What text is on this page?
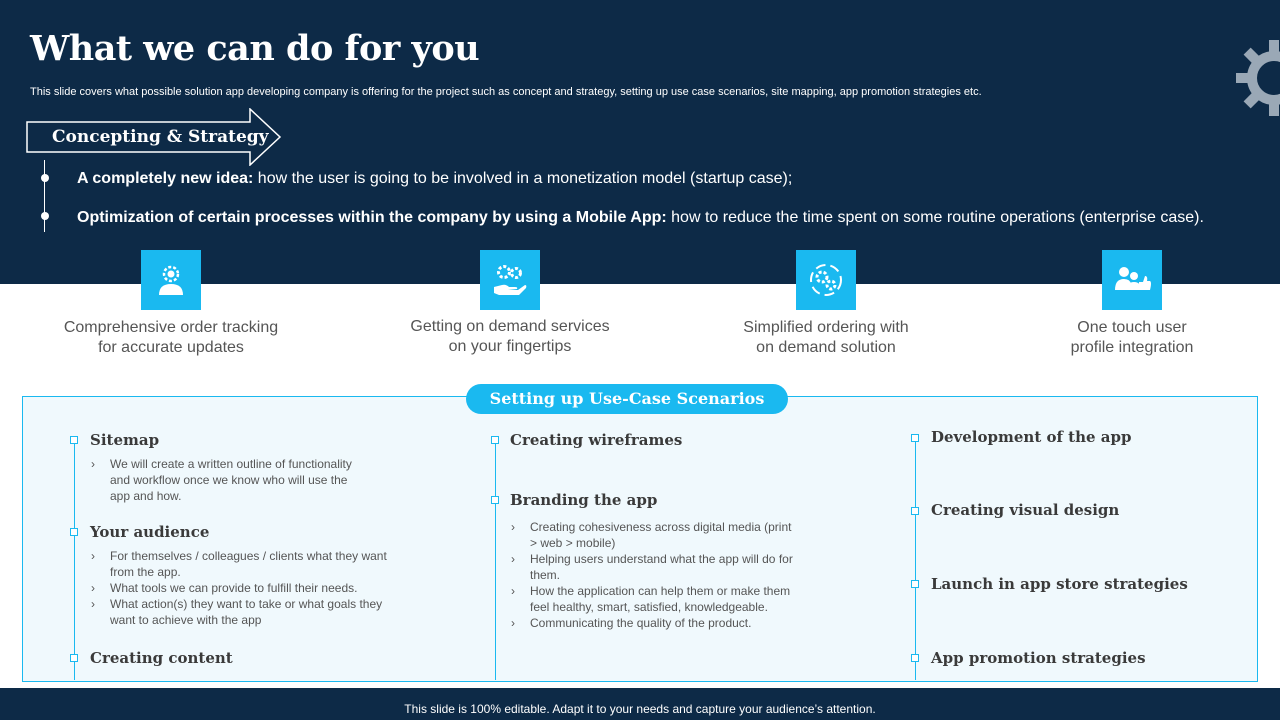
What we can do for you
This slide covers what possible solution app developing company is offering for the project such as concept and strategy, setting up use case scenarios, site mapping, app promotion strategies etc.
Concepting & Strategy
A completely new idea: how the user is going to be involved in a monetization model (startup case);
Optimization of certain processes within the company by using a Mobile App: how to reduce the time spent on some routine operations (enterprise case).
Comprehensive order tracking
for accurate updates
Getting on demand services
on your fingertips
Simplified ordering with
on demand solution
One touch user
profile integration
Setting up Use-Case Scenarios
Sitemap
› We will create a written outline of functionality and workflow once we know who will use the app and how.
Your audience
› For themselves / colleagues / clients what they want from the app.
› What tools we can provide to fulfill their needs.
› What action(s) they want to take or what goals they want to achieve with the app
Creating content
Creating wireframes
Branding the app
› Creating cohesiveness across digital media (print > web > mobile)
› Helping users understand what the app will do for them.
› How the application can help them or make them feel healthy, smart, satisfied, knowledgeable.
› Communicating the quality of the product.
Development of the app
Creating visual design
Launch in app store strategies
App promotion strategies
This slide is 100% editable. Adapt it to your needs and capture your audience’s attention.
